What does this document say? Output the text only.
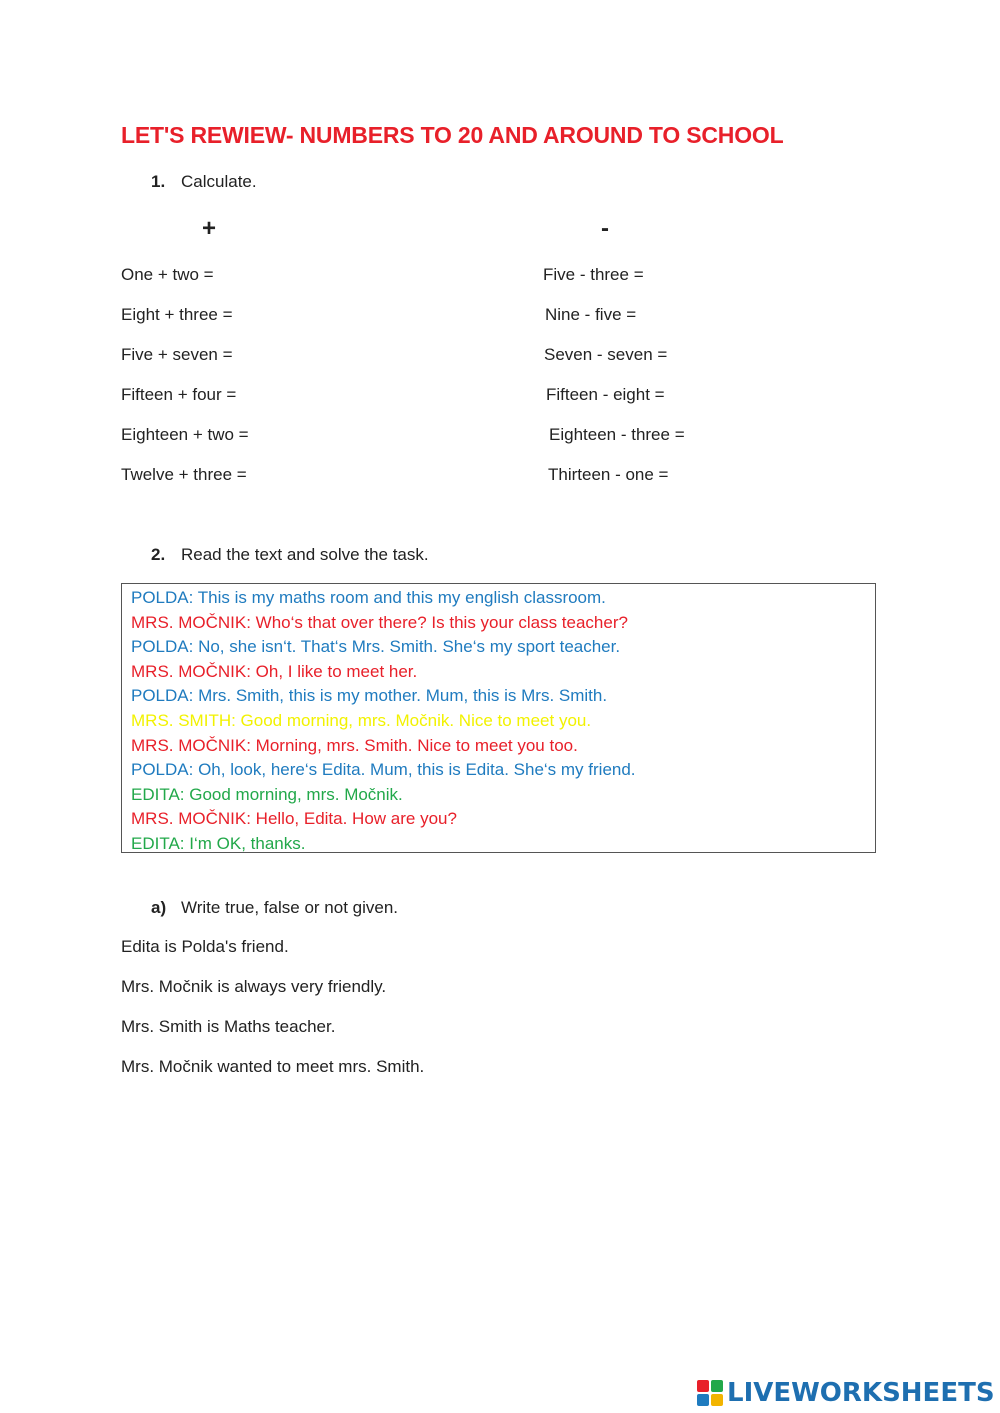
LET'S REWIEW- NUMBERS TO 20 AND AROUND TO SCHOOL
1. Calculate.
+	-
One + two =
Eight + three =
Five + seven =
Fifteen + four =
Eighteen + two =
Twelve + three =
Five - three =
Nine - five =
Seven - seven =
Fifteen - eight =
Eighteen - three =
Thirteen - one =
2. Read the text and solve the task.
POLDA: This is my maths room and this my english classroom.
MRS. MOČNIK: Who‘s that over there? Is this your class teacher?
POLDA: No, she isn‘t. That‘s Mrs. Smith. She‘s my sport teacher.
MRS. MOČNIK: Oh, I like to meet her.
POLDA: Mrs. Smith, this is my mother. Mum, this is Mrs. Smith.
MRS. SMITH: Good morning, mrs. Močnik. Nice to meet you.
MRS. MOČNIK: Morning, mrs. Smith. Nice to meet you too.
POLDA: Oh, look, here‘s Edita. Mum, this is Edita. She‘s my friend.
EDITA: Good morning, mrs. Močnik.
MRS. MOČNIK: Hello, Edita. How are you?
EDITA: I‘m OK, thanks.
a) Write true, false or not given.
Edita is Polda's friend.
Mrs. Močnik is always very friendly.
Mrs. Smith is Maths teacher.
Mrs. Močnik wanted to meet mrs. Smith.
LIVEWORKSHEETS
